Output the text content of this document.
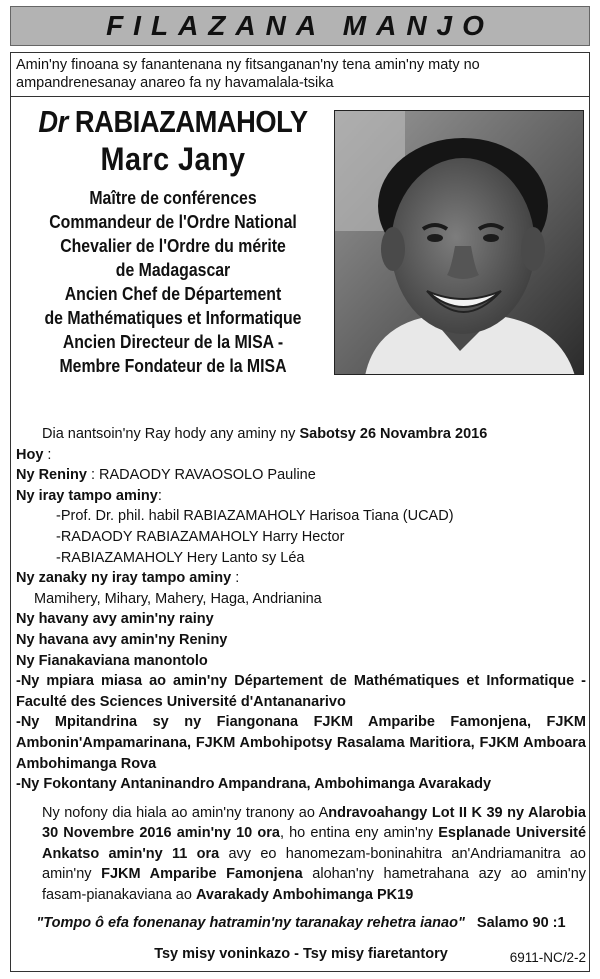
FILAZANA MANJO
Amin'ny finoana sy fanantenana ny fitsanganan'ny tena amin'ny maty no ampandrenesanay anareo fa ny havamalala-tsika
Dr RABIAZAMAHOLY
Marc Jany
Maître de conférences
Commandeur de l'Ordre National
Chevalier de l'Ordre du mérite
de Madagascar
Ancien Chef de Département
de Mathématiques et Informatique
Ancien Directeur de la MISA -
Membre Fondateur de la MISA

Dia nantsoin'ny Ray hody any aminy ny Sabotsy 26 Novambra 2016

Hoy :

Ny Reniny : RADAODY RAVAOSOLO Pauline

Ny iray tampo aminy:

-Prof. Dr. phil. habil RABIAZAMAHOLY Harisoa Tiana (UCAD)

-RADAODY RABIAZAMAHOLY Harry Hector

-RABIAZAMAHOLY Hery Lanto sy Léa

Ny zanaky ny iray tampo aminy :

Mamihery, Mihary, Mahery, Haga, Andrianina

Ny havany avy amin'ny rainy

Ny havana avy amin'ny Reniny

Ny Fianakaviana manontolo

-Ny mpiara miasa ao amin'ny Département de Mathématiques et Informatique - Faculté des Sciences Université d'Antananarivo

-Ny Mpitandrina sy ny Fiangonana FJKM Amparibe Famonjena, FJKM Ambonin'Ampamarinana, FJKM Ambohipotsy Rasalama Maritiora, FJKM Amboara Ambohimanga Rova

-Ny Fokontany Antaninandro Ampandrana, Ambohimanga Avarakady

Ny nofony dia hiala ao amin'ny tranony ao Andravoahangy Lot II K 39 ny Alarobia 30 Novembre 2016 amin'ny 10 ora, ho entina eny amin'ny Esplanade Université Ankatso amin'ny 11 ora avy eo hanomezam-boninahitra an'Andriamanitra ao amin'ny FJKM Amparibe Famonjena alohan'ny hametrahana azy ao amin'ny fasam-pianakaviana ao Avarakady Ambohimanga PK19

"Tompo ô efa fonenanay hatramin'ny taranakay rehetra ianao" Salamo 90 :1
Tsy misy voninkazo - Tsy misy fiaretantory	6911-NC/2-2
